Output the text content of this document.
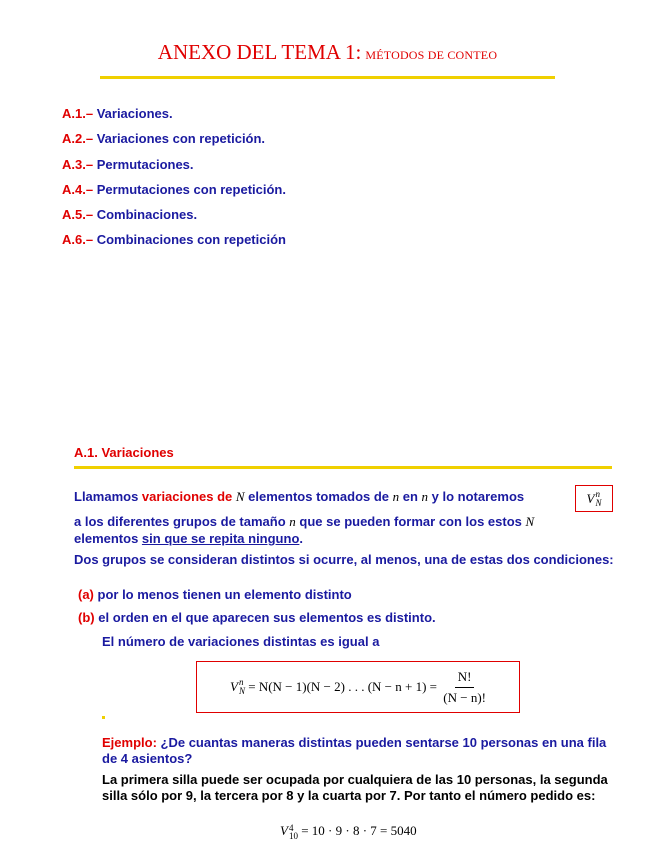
ANEXO DEL TEMA 1: MÉTODOS DE CONTEO
A.1.– Variaciones.
A.2.– Variaciones con repetición.
A.3.– Permutaciones.
A.4.– Permutaciones con repetición.
A.5.– Combinaciones.
A.6.– Combinaciones con repetición
A.1. Variaciones
Llamamos variaciones de N elementos tomados de n en n y lo notaremos	V n
N
a los diferentes grupos de tamaño n que se pueden formar con los estos N
elementos sin que se repita ninguno.
Dos grupos se consideran distintos si ocurre, al menos, una de estas dos condiciones:
(a) por lo menos tienen un elemento distinto
(b) el orden en el que aparecen sus elementos es distinto.
El número de variaciones distintas es igual a
V n
N = N(N − 1)(N − 2) . . . $(N - n + 1) = \frac{N!}{(N - n)!}$
Ejemplo: ¿De cuantas maneras distintas pueden sentarse 10 personas en una fila de 4 asientos?
La primera silla puede ser ocupada por cualquiera de las 10 personas, la segunda silla sólo por 9, la tercera por 8 y la cuarta por 7. Por tanto el número pedido es:
V 4
10 = 10 · 9 · 8 · 7 = 5040
